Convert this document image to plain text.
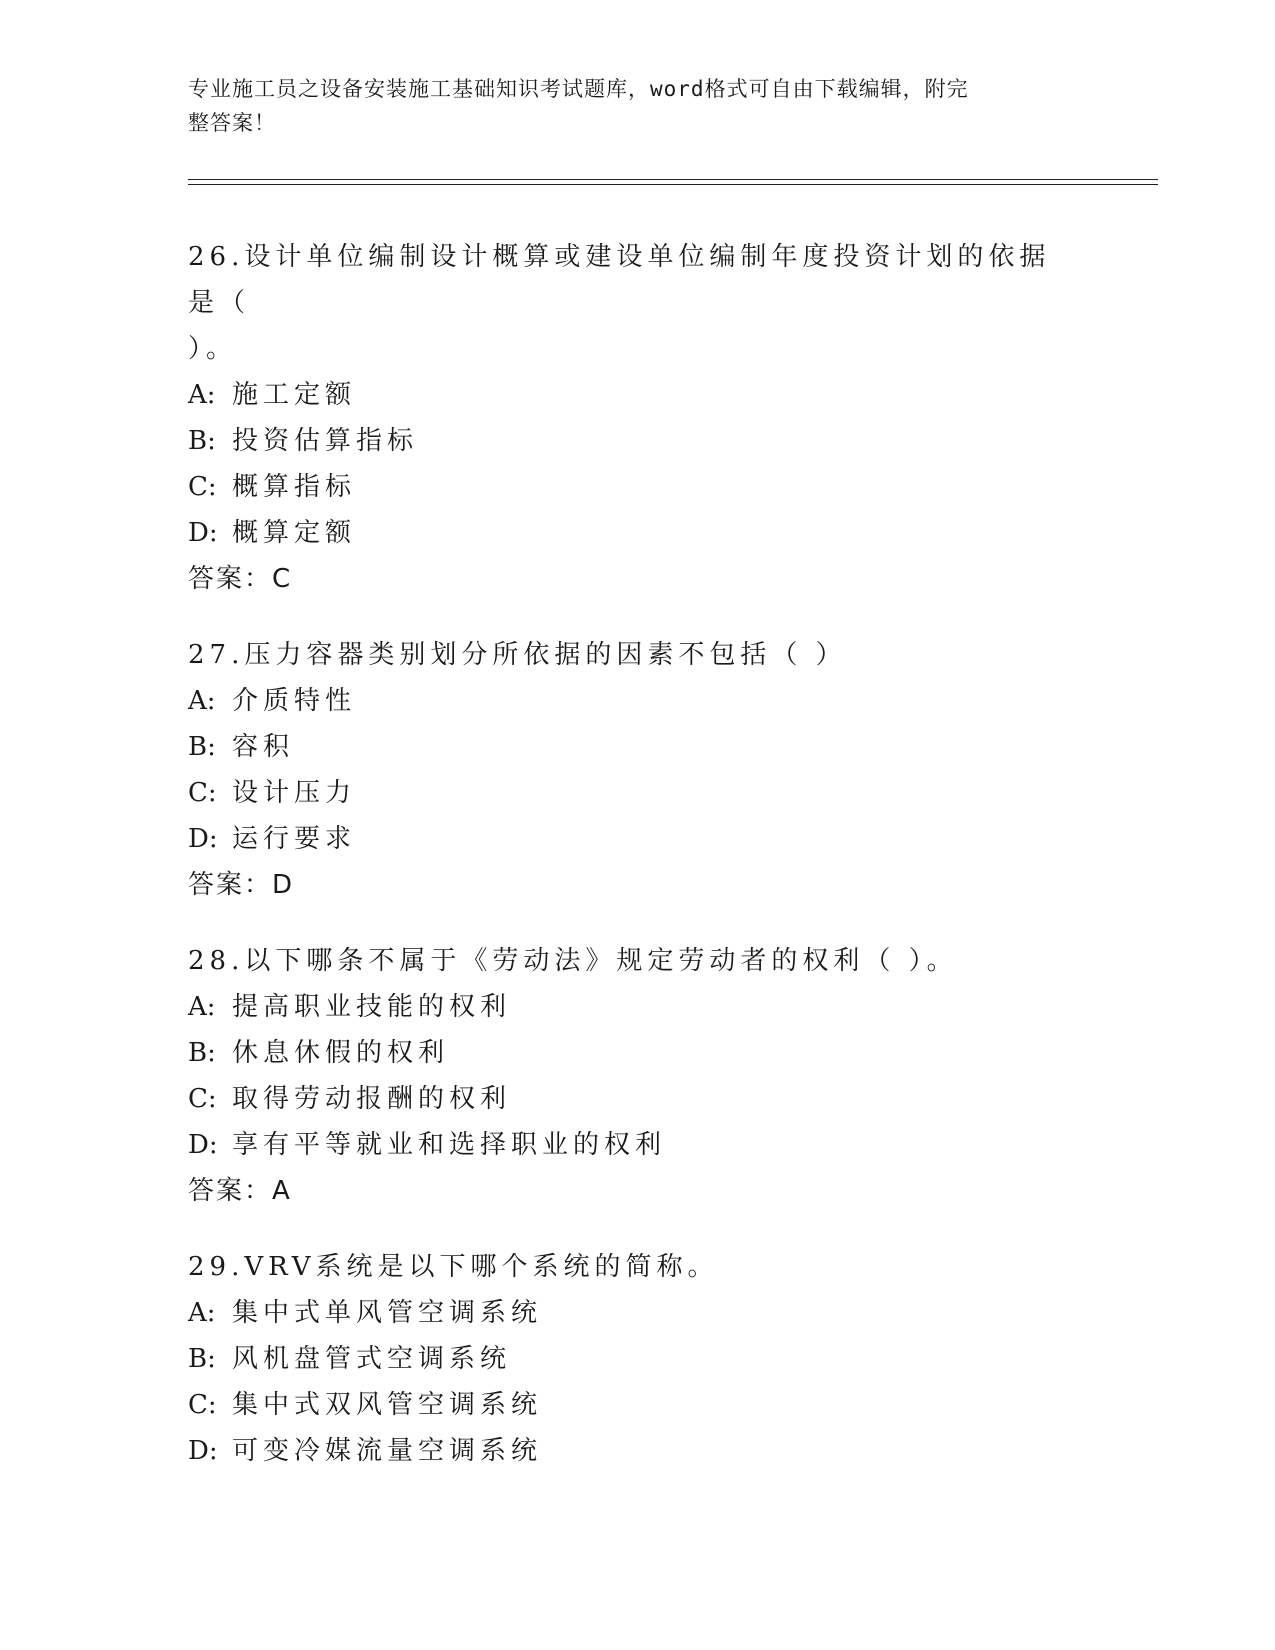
专业施工员之设备安装施工基础知识考试题库，word格式可自由下载编辑，附完
整答案！
26.设计单位编制设计概算或建设单位编制年度投资计划的依据是（
）。
A: 施工定额
B: 投资估算指标
C: 概算指标
D: 概算定额
答案：C
27.压力容器类别划分所依据的因素不包括（ ）
A: 介质特性
B: 容积
C: 设计压力
D: 运行要求
答案：D
28.以下哪条不属于《劳动法》规定劳动者的权利（ ）。
A: 提高职业技能的权利
B: 休息休假的权利
C: 取得劳动报酬的权利
D: 享有平等就业和选择职业的权利
答案：A
29.VRV系统是以下哪个系统的简称。
A: 集中式单风管空调系统
B: 风机盘管式空调系统
C: 集中式双风管空调系统
D: 可变冷媒流量空调系统
